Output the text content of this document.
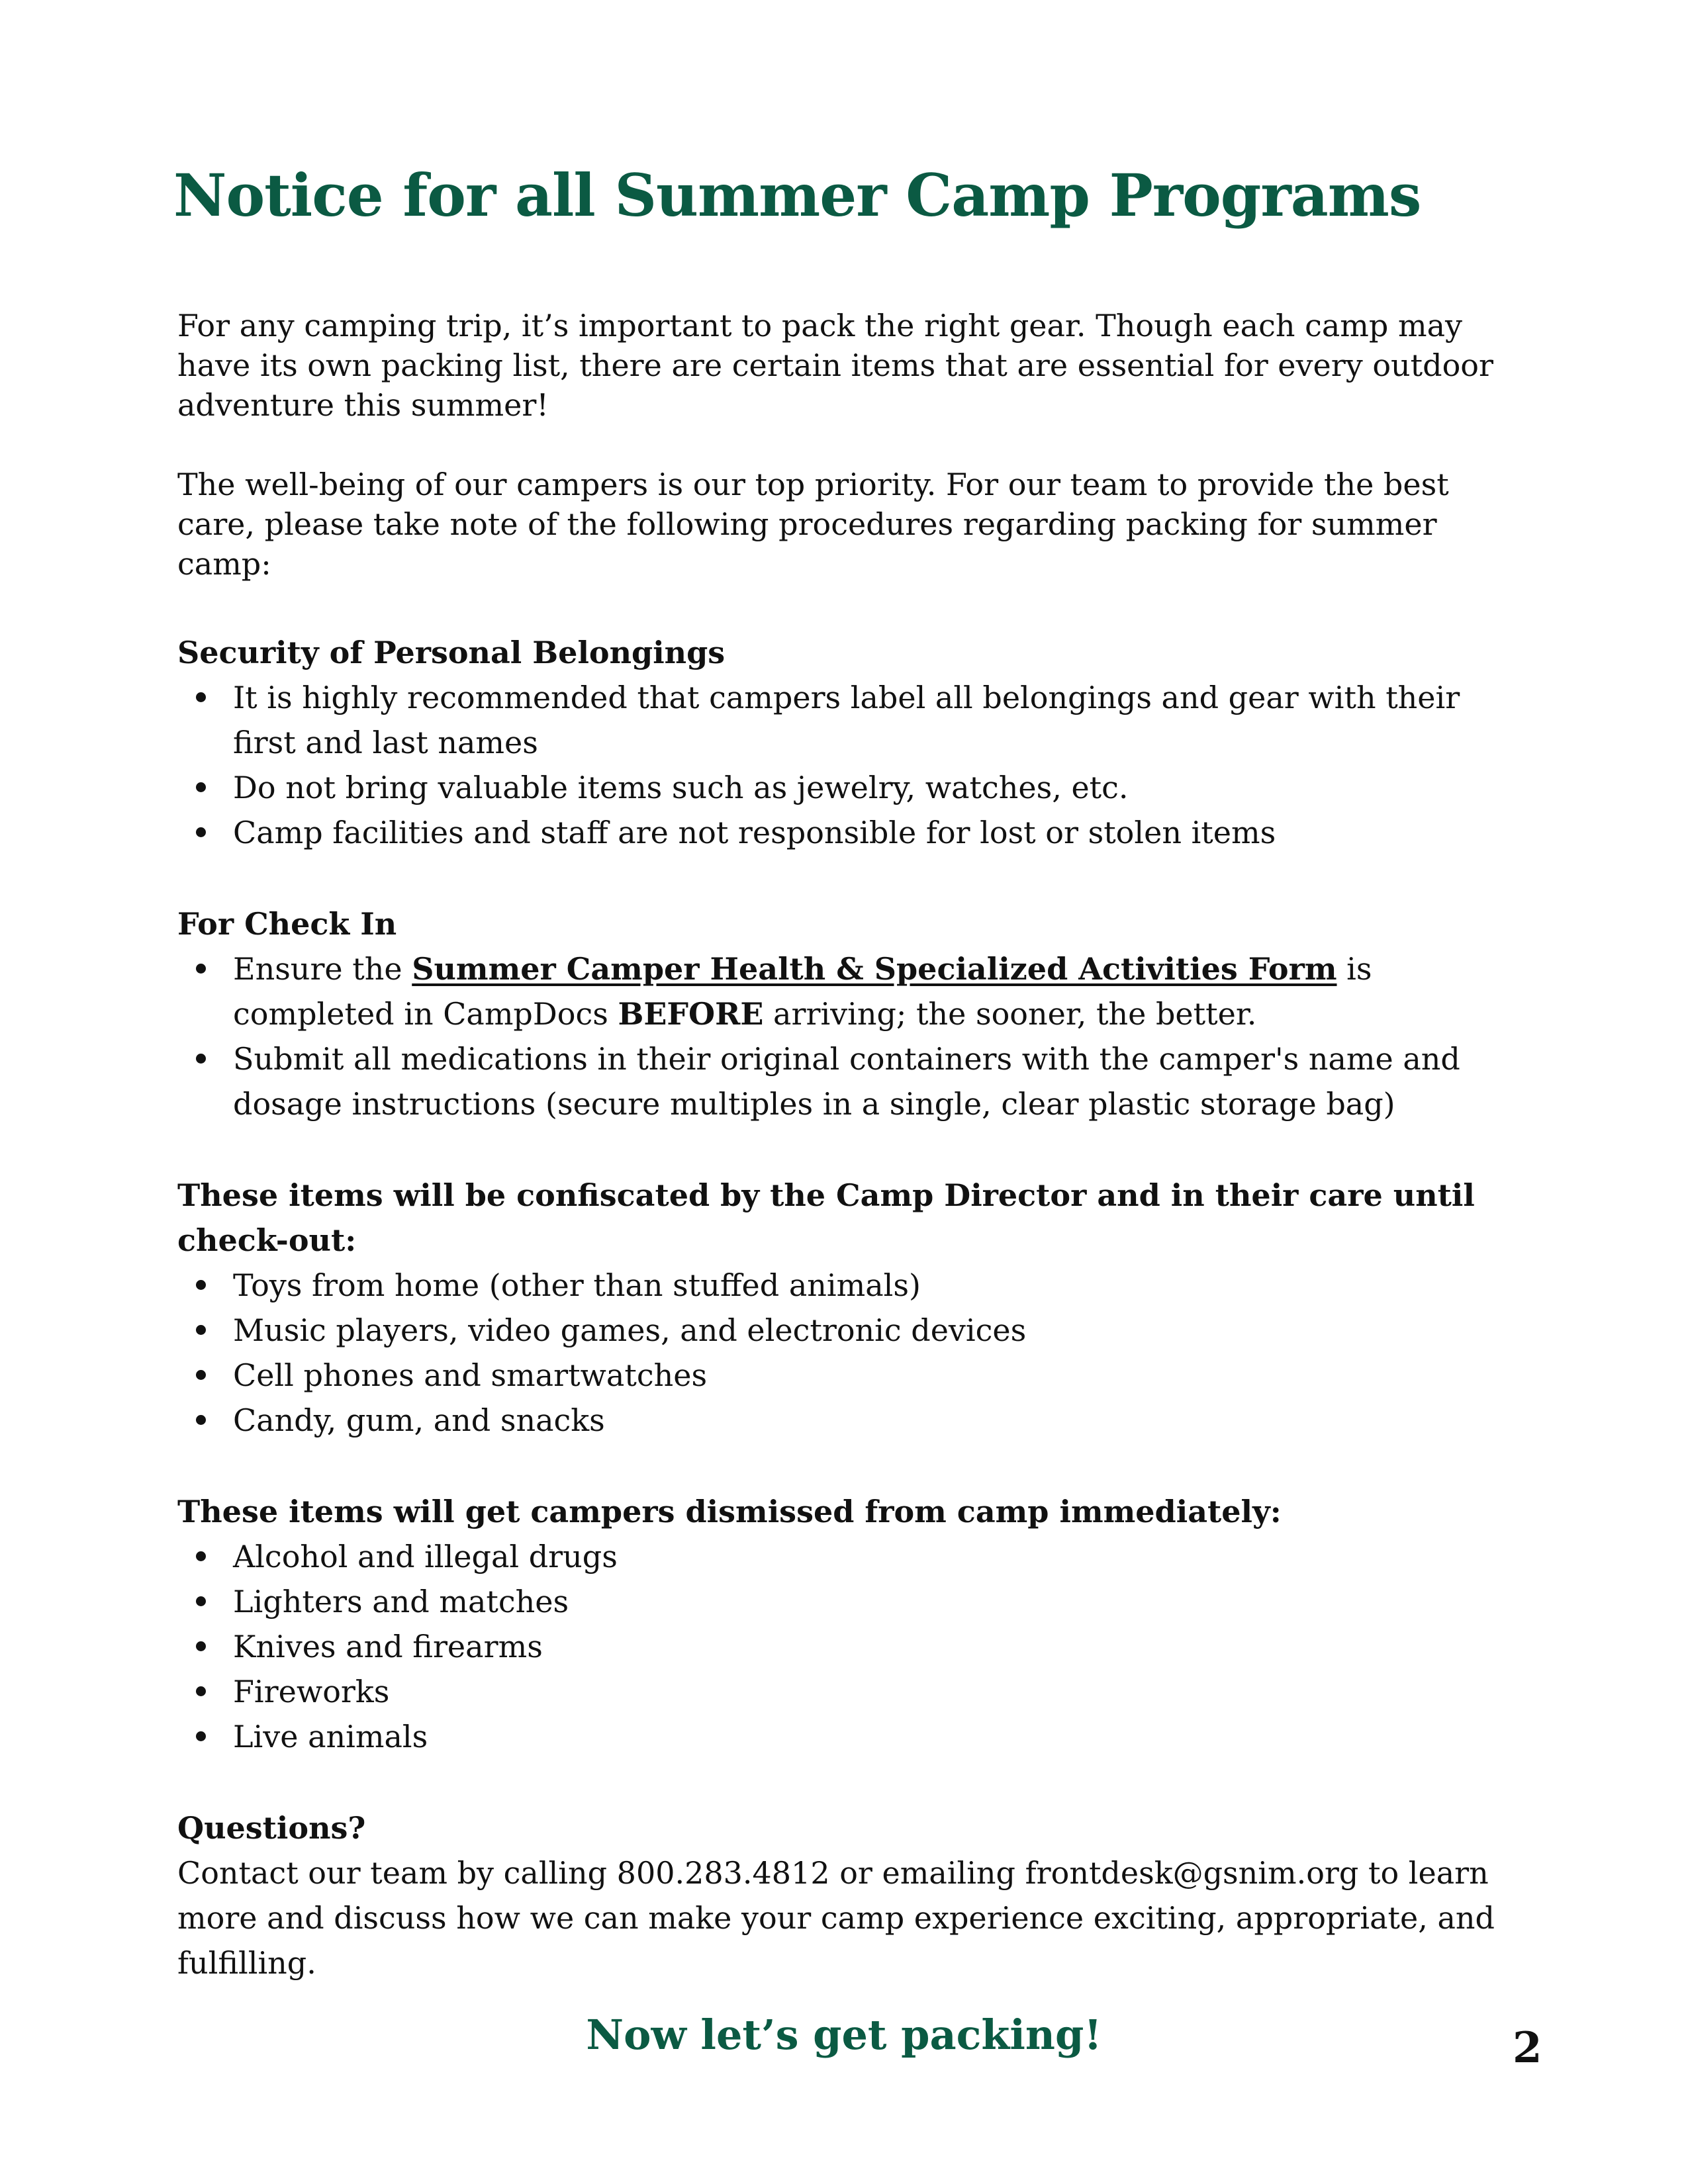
Notice for all Summer Camp Programs

For any camping trip, it’s important to pack the right gear. Though each camp may have its own packing list, there are certain items that are essential for every outdoor adventure this summer!

The well-being of our campers is our top priority. For our team to provide the best care, please take note of the following procedures regarding packing for summer camp:

Security of Personal Belongings

It is highly recommended that campers label all belongings and gear with their first and last names
Do not bring valuable items such as jewelry, watches, etc.
Camp facilities and staff are not responsible for lost or stolen items

For Check In

Ensure the Summer Camper Health & Specialized Activities Form is completed in CampDocs BEFORE arriving; the sooner, the better.
Submit all medications in their original containers with the camper's name and dosage instructions (secure multiples in a single, clear plastic storage bag)

These items will be confiscated by the Camp Director and in their care until check-out:

Toys from home (other than stuffed animals)
Music players, video games, and electronic devices
Cell phones and smartwatches
Candy, gum, and snacks

These items will get campers dismissed from camp immediately:

Alcohol and illegal drugs
Lighters and matches
Knives and firearms
Fireworks
Live animals

Questions?

Contact our team by calling 800.283.4812 or emailing frontdesk@gsnim.org to learn more and discuss how we can make your camp experience exciting, appropriate, and fulfilling.

Now let’s get packing!	2
